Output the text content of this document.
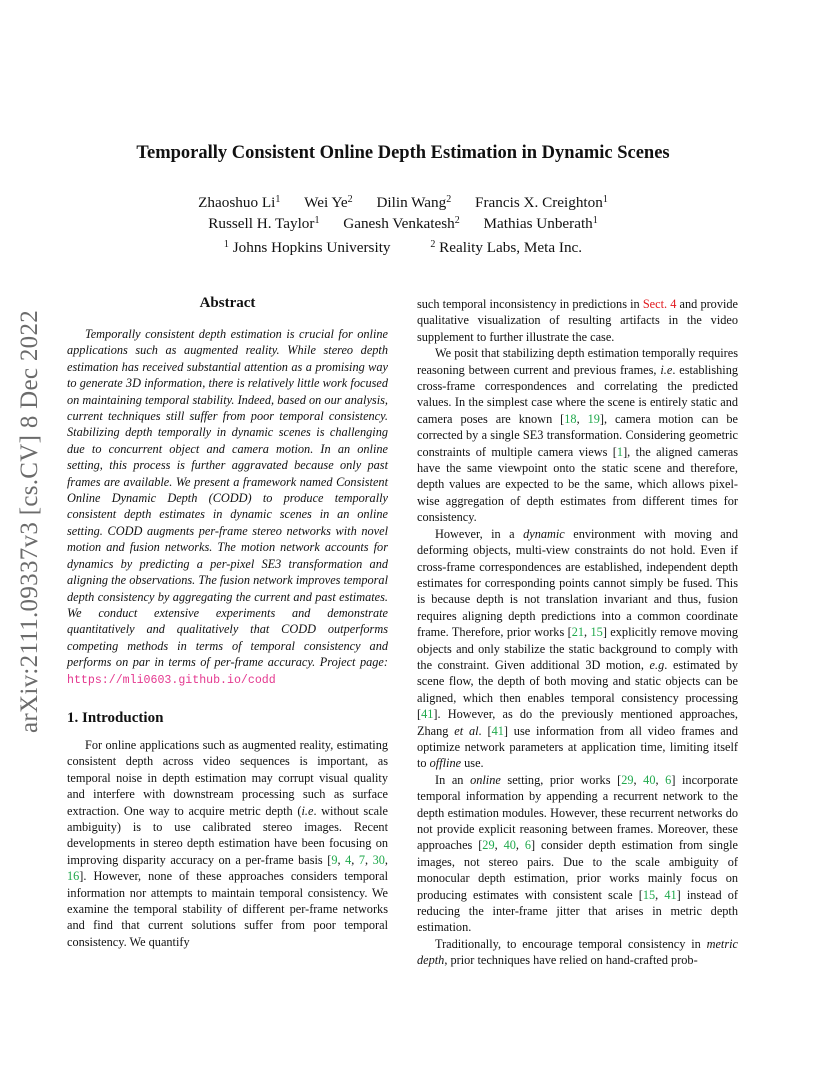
arXiv:2111.09337v3 [cs.CV] 8 Dec 2022
Temporally Consistent Online Depth Estimation in Dynamic Scenes
Zhaoshuo Li$^1$ Wei Ye$^2$ Dilin Wang$^2$ Francis X. Creighton$^1$
Russell H. Taylor$^1$ Ganesh Venkatesh$^2$ Mathias Unberath$^1$
$^1$ Johns Hopkins University	$^2$ Reality Labs, Meta Inc.
Abstract

Temporally consistent depth estimation is crucial for online applications such as augmented reality. While stereo depth estimation has received substantial attention as a promising way to generate 3D information, there is relatively little work focused on maintaining temporal stability. Indeed, based on our analysis, current techniques still suffer from poor temporal consistency. Stabilizing depth temporally in dynamic scenes is challenging due to concurrent object and camera motion. In an online setting, this process is further aggravated because only past frames are available. We present a framework named Consistent Online Dynamic Depth (CODD) to produce temporally consistent depth estimates in dynamic scenes in an online setting. CODD augments per-frame stereo networks with novel motion and fusion networks. The motion network accounts for dynamics by predicting a per-pixel SE3 transformation and aligning the observations. The fusion network improves temporal depth consistency by aggregating the current and past estimates. We conduct extensive experiments and demonstrate quantitatively and qualitatively that CODD outperforms competing methods in terms of temporal consistency and performs on par in terms of per-frame accuracy. Project page: https://mli0603.github.io/codd

1. Introduction

For online applications such as augmented reality, estimating consistent depth across video sequences is important, as temporal noise in depth estimation may corrupt visual quality and interfere with downstream processing such as surface extraction. One way to acquire metric depth (i.e. without scale ambiguity) is to use calibrated stereo images. Recent developments in stereo depth estimation have been focusing on improving disparity accuracy on a per-frame basis [9, 4, 7, 30, 16]. However, none of these approaches considers temporal information nor attempts to maintain temporal consistency. We examine the temporal stability of different per-frame networks and find that current solutions suffer from poor temporal consistency. We quantify

such temporal inconsistency in predictions in Sect. 4 and provide qualitative visualization of resulting artifacts in the video supplement to further illustrate the case.

We posit that stabilizing depth estimation temporally requires reasoning between current and previous frames, i.e. establishing cross-frame correspondences and correlating the predicted values. In the simplest case where the scene is entirely static and camera poses are known [18, 19], camera motion can be corrected by a single SE3 transformation. Considering geometric constraints of multiple camera views [1], the aligned cameras have the same viewpoint onto the static scene and therefore, depth values are expected to be the same, which allows pixel-wise aggregation of depth estimates from different times for consistency.

However, in a dynamic environment with moving and deforming objects, multi-view constraints do not hold. Even if cross-frame correspondences are established, independent depth estimates for corresponding points cannot simply be fused. This is because depth is not translation invariant and thus, fusion requires aligning depth predictions into a common coordinate frame. Therefore, prior works [21, 15] explicitly remove moving objects and only stabilize the static background to comply with the constraint. Given additional 3D motion, e.g. estimated by scene flow, the depth of both moving and static objects can be aligned, which then enables temporal consistency processing [41]. However, as do the previously mentioned approaches, Zhang et al. [41] use information from all video frames and optimize network parameters at application time, limiting itself to offline use.

In an online setting, prior works [29, 40, 6] incorporate temporal information by appending a recurrent network to the depth estimation modules. However, these recurrent networks do not provide explicit reasoning between frames. Moreover, these approaches [29, 40, 6] consider depth estimation from single images, not stereo pairs. Due to the scale ambiguity of monocular depth estimation, prior works mainly focus on producing estimates with consistent scale [15, 41] instead of reducing the inter-frame jitter that arises in metric depth estimation.

Traditionally, to encourage temporal consistency in metric depth, prior techniques have relied on hand-crafted prob-
